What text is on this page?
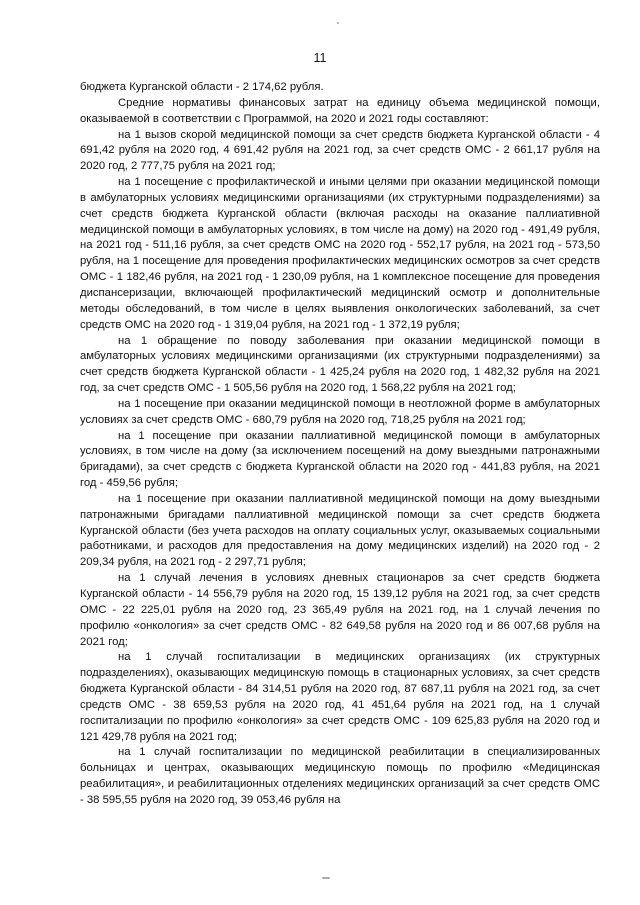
11

бюджета Курганской области - 2 174,62 рубля.

Средние нормативы финансовых затрат на единицу объема медицинской помощи, оказываемой в соответствии с Программой, на 2020 и 2021 годы составляют:

на 1 вызов скорой медицинской помощи за счет средств бюджета Курганской области - 4 691,42 рубля на 2020 год, 4 691,42 рубля на 2021 год, за счет средств ОМС - 2 661,17 рубля на 2020 год, 2 777,75 рубля на 2021 год;

на 1 посещение с профилактической и иными целями при оказании медицинской помощи в амбулаторных условиях медицинскими организациями (их структурными подразделениями) за счет средств бюджета Курганской области (включая расходы на оказание паллиативной медицинской помощи в амбулаторных условиях, в том числе на дому) на 2020 год - 491,49 рубля, на 2021 год - 511,16 рубля, за счет средств ОМС на 2020 год - 552,17 рубля, на 2021 год - 573,50 рубля, на 1 посещение для проведения профилактических медицинских осмотров за счет средств ОМС - 1 182,46 рубля, на 2021 год - 1 230,09 рубля, на 1 комплексное посещение для проведения диспансеризации, включающей профилактический медицинский осмотр и дополнительные методы обследований, в том числе в целях выявления онкологических заболеваний, за счет средств ОМС на 2020 год - 1 319,04 рубля, на 2021 год - 1 372,19 рубля;

на 1 обращение по поводу заболевания при оказании медицинской помощи в амбулаторных условиях медицинскими организациями (их структурными подразделениями) за счет средств бюджета Курганской области - 1 425,24 рубля на 2020 год, 1 482,32 рубля на 2021 год, за счет средств ОМС - 1 505,56 рубля на 2020 год, 1 568,22 рубля на 2021 год;

на 1 посещение при оказании медицинской помощи в неотложной форме в амбулаторных условиях за счет средств ОМС - 680,79 рубля на 2020 год, 718,25 рубля на 2021 год;

на 1 посещение при оказании паллиативной медицинской помощи в амбулаторных условиях, в том числе на дому (за исключением посещений на дому выездными патронажными бригадами), за счет средств с бюджета Курганской области на 2020 год - 441,83 рубля, на 2021 год - 459,56 рубля;

на 1 посещение при оказании паллиативной медицинской помощи на дому выездными патронажными бригадами паллиативной медицинской помощи за счет средств бюджета Курганской области (без учета расходов на оплату социальных услуг, оказываемых социальными работниками, и расходов для предоставления на дому медицинских изделий) на 2020 год - 2 209,34 рубля, на 2021 год - 2 297,71 рубля;

на 1 случай лечения в условиях дневных стационаров за счет средств бюджета Курганской области - 14 556,79 рубля на 2020 год, 15 139,12 рубля на 2021 год, за счет средств ОМС - 22 225,01 рубля на 2020 год, 23 365,49 рубля на 2021 год, на 1 случай лечения по профилю «онкология» за счет средств ОМС - 82 649,58 рубля на 2020 год и 86 007,68 рубля на 2021 год;

на 1 случай госпитализации в медицинских организациях (их структурных подразделениях), оказывающих медицинскую помощь в стационарных условиях, за счет средств бюджета Курганской области - 84 314,51 рубля на 2020 год, 87 687,11 рубля на 2021 год, за счет средств ОМС - 38 659,53 рубля на 2020 год, 41 451,64 рубля на 2021 год, на 1 случай госпитализации по профилю «онкология» за счет средств ОМС - 109 625,83 рубля на 2020 год и 121 429,78 рубля на 2021 год;

на 1 случай госпитализации по медицинской реабилитации в специализированных больницах и центрах, оказывающих медицинскую помощь по профилю «Медицинская реабилитация», и реабилитационных отделениях медицинских организаций за счет средств ОМС - 38 595,55 рубля на 2020 год, 39 053,46 рубля на
